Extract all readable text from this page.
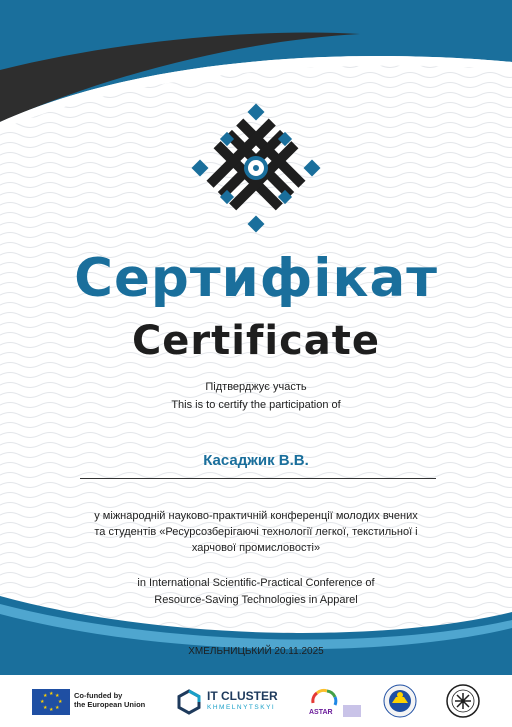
Сертифікат
Certificate
Підтверджує участь
This is to certify the participation of
Касаджик В.В.
у міжнародній науково-практичній конференції молодих вчених
та студентів «Ресурсозберігаючі технології легкої, текстильної і
харчової промисловості»
in International Scientific-Practical Conference of
Resource-Saving Technologies in Apparel
ХМЕЛЬНИЦЬКИЙ 20.11.2025
★ ★
★
★
★
★
★
★	Co-funded by
the European Union
IT CLUSTER
KHMELNYTSKYI
ASTAR
